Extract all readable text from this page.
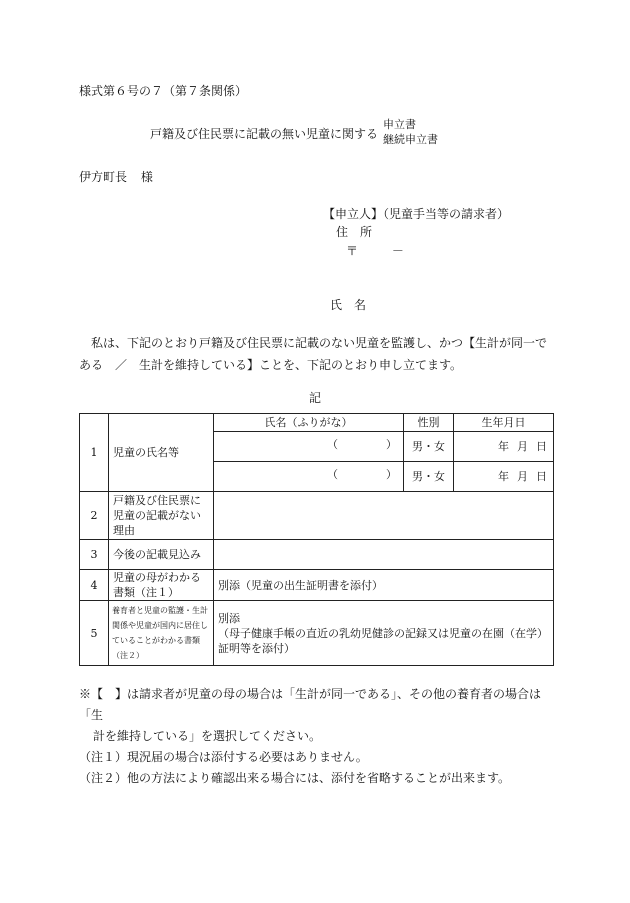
様式第６号の７（第７条関係）
戸籍及び住民票に記載の無い児童に関する
申立書
継続申立書
伊方町長 様
【申立人】（児童手当等の請求者）
住　所
〒	－
氏　名
私は、下記のとおり戸籍及び住民票に記載のない児童を監護し、かつ【生計が同一である　／　生計を維持している】ことを、下記のとおり申し立てます。
記
1	児童の氏名等	氏名（ふりがな）	性別	生年月日

		（ ）	男・女	年 月 日

		（ ）	男・女	年 月 日
2	戸籍及び住民票に児童の記載がない理由			
3	今後の記載見込み			
4	児童の母がわかる書類（注１）	別添（児童の出生証明書を添付）		
5	養育者と児童の監護・生計関係や児童が国内に居住していることがわかる書類（注２）	別添
（母子健康手帳の直近の乳幼児健診の記録又は児童の在園（在学）証明等を添付）		
※【　】は請求者が児童の母の場合は「生計が同一である」、その他の養育者の場合は「生
計を維持している」を選択してください。
（注１）現況届の場合は添付する必要はありません。
（注２）他の方法により確認出来る場合には、添付を省略することが出来ます。
